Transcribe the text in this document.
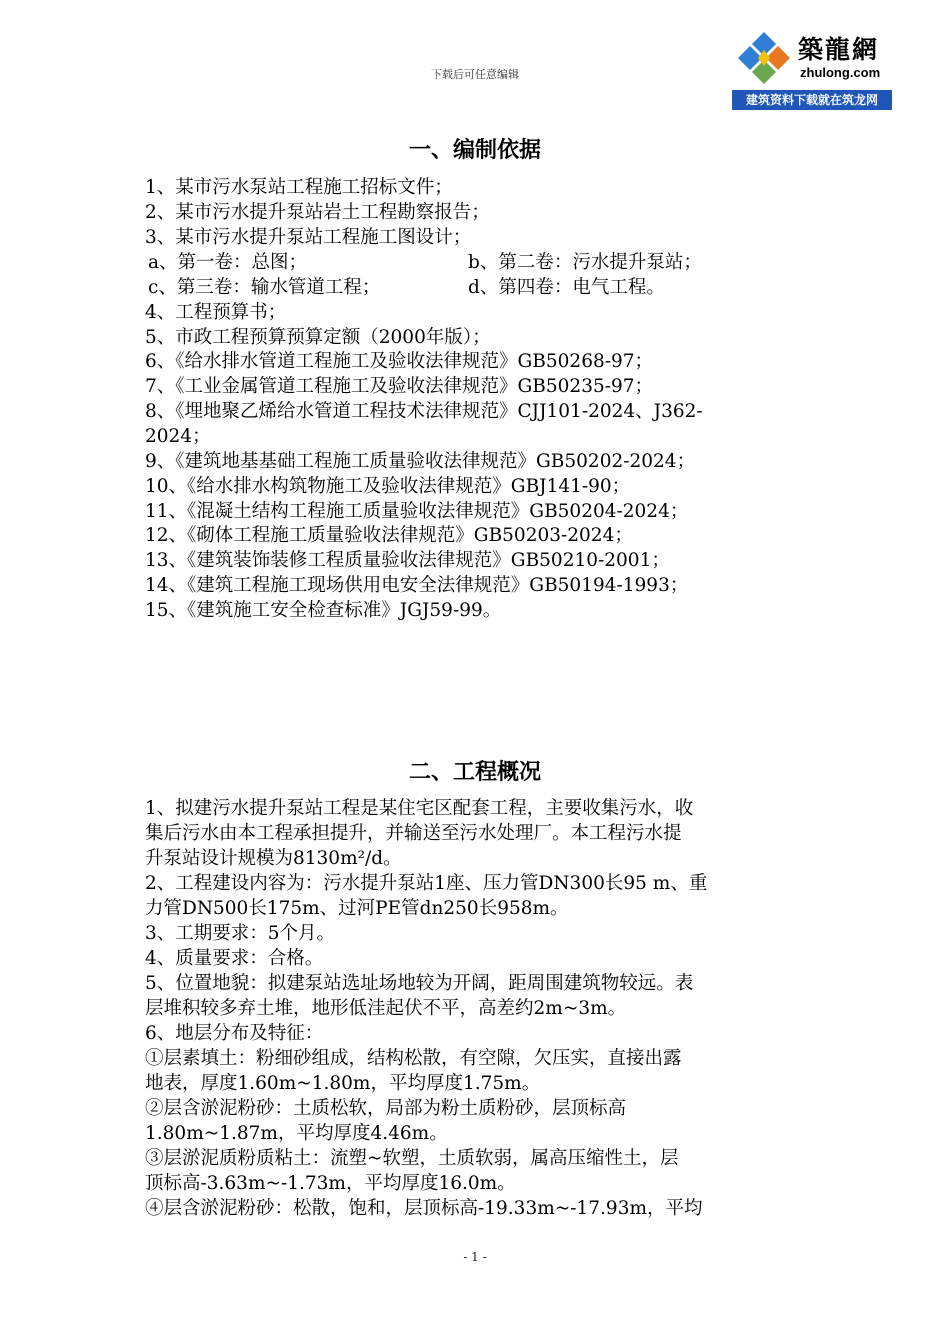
下载后可任意编辑
築龍網
zhulong.com
建筑资料下载就在筑龙网
一、编制依据
1、某市污水泵站工程施工招标文件；
2、某市污水提升泵站岩土工程勘察报告；
3、某市污水提升泵站工程施工图设计；
a、第一卷：总图；	b、第二卷：污水提升泵站；
c、第三卷：输水管道工程；	d、第四卷：电气工程。
4、工程预算书；
5、市政工程预算预算定额（2000年版）；
6、《给水排水管道工程施工及验收法律规范》GB50268-97；
7、《工业金属管道工程施工及验收法律规范》GB50235-97；
8、《埋地聚乙烯给水管道工程技术法律规范》CJJ101-2024、J362-
2024；
9、《建筑地基基础工程施工质量验收法律规范》GB50202-2024；
10、《给水排水构筑物施工及验收法律规范》GBJ141-90；
11、《混凝土结构工程施工质量验收法律规范》GB50204-2024；
12、《砌体工程施工质量验收法律规范》GB50203-2024；
13、《建筑装饰装修工程质量验收法律规范》GB50210-2001；
14、《建筑工程施工现场供用电安全法律规范》GB50194-1993；
15、《建筑施工安全检查标准》JGJ59-99。
二、工程概况
1、拟建污水提升泵站工程是某住宅区配套工程，主要收集污水，收
集后污水由本工程承担提升，并输送至污水处理厂。本工程污水提
升泵站设计规模为8130m²/d。
2、工程建设内容为：污水提升泵站1座、压力管DN300长95 m、重
力管DN500长175m、过河PE管dn250长958m。
3、工期要求：5个月。
4、质量要求：合格。
5、位置地貌：拟建泵站选址场地较为开阔，距周围建筑物较远。表
层堆积较多弃土堆，地形低洼起伏不平，高差约2m~3m。
6、地层分布及特征：
①层素填土：粉细砂组成，结构松散，有空隙，欠压实，直接出露
地表，厚度1.60m~1.80m，平均厚度1.75m。
②层含淤泥粉砂：土质松软，局部为粉土质粉砂，层顶标高
1.80m~1.87m，平均厚度4.46m。
③层淤泥质粉质粘土：流塑~软塑，土质软弱，属高压缩性土，层
顶标高-3.63m~-1.73m，平均厚度16.0m。
④层含淤泥粉砂：松散，饱和，层顶标高-19.33m~-17.93m，平均
- 1 -
